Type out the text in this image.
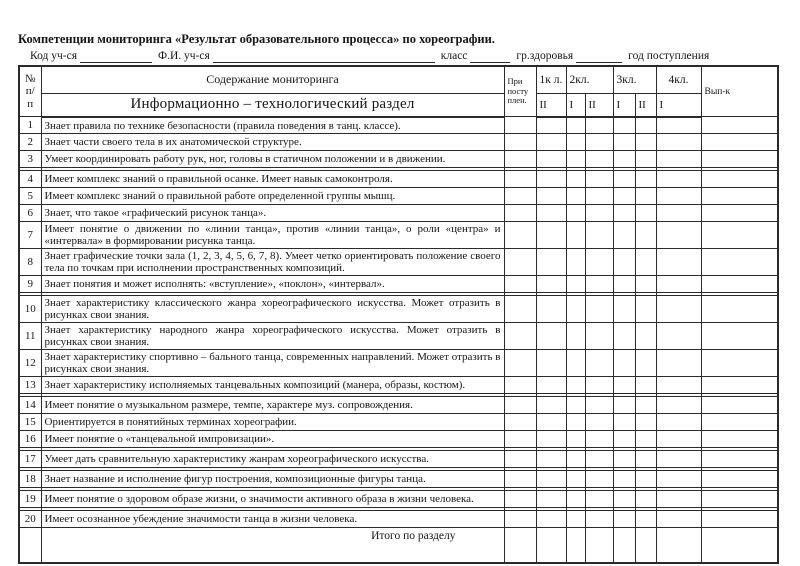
Компетенции мониторинга «Результат образовательного процесса» по хореографии.

Код уч-ся	Ф.И. уч-ся	класс	гр.здоровья	год поступления
№ п/ п	Содержание мониторинга	При посту плен.	1к л.	2кл.		3кл.		4кл.	Вып-к
	Информационно – технологический раздел		II	I	II	I	II	I	
1	Знает правила по технике безопасности (правила поведения в танц. классе).								
2	Знает части своего тела в их анатомической структуре.								
3	Умеет координировать работу рук, ног, головы в статичном положении и в движении.								

4	Имеет комплекс знаний о правильной осанке. Имеет навык самоконтроля.								
5	Имеет комплекс знаний о правильной работе определенной группы мышц.								
6	Знает, что такое «графический рисунок танца».								
7	Имеет понятие о движении по «линии танца», против «линии танца», о роли «центра» и «интервала» в формировании рисунка танца.								
8	Знает графические точки зала (1, 2, 3, 4, 5, 6, 7, 8). Умеет четко ориентировать положение своего тела по точкам при исполнении пространственных композиций.								
9	Знает понятия и может исполнять: «вступление», «поклон», «интервал».								

10	Знает характеристику классического жанра хореографического искусства. Может отразить в рисунках свои знания.								
11	Знает характеристику народного жанра хореографического искусства. Может отразить в рисунках свои знания.								
12	Знает характеристику спортивно – бального танца, современных направлений. Может отразить в рисунках свои знания.								
13	Знает характеристику исполняемых танцевальных композиций (манера, образы, костюм).								

14	Имеет понятие о музыкальном размере, темпе, характере муз. сопровождения.								
15	Ориентируется в понятийных терминах хореографии.								
16	Имеет понятие о «танцевальной импровизации».								

17	Умеет дать сравнительную характеристику жанрам хореографического искусства.								

18	Знает название и исполнение фигур построения, композиционные фигуры танца.								

19	Имеет понятие о здоровом образе жизни, о значимости активного образа в жизни человека.								

20	Имеет осознанное убеждение значимости танца в жизни человека.								
	Итого по разделу								
